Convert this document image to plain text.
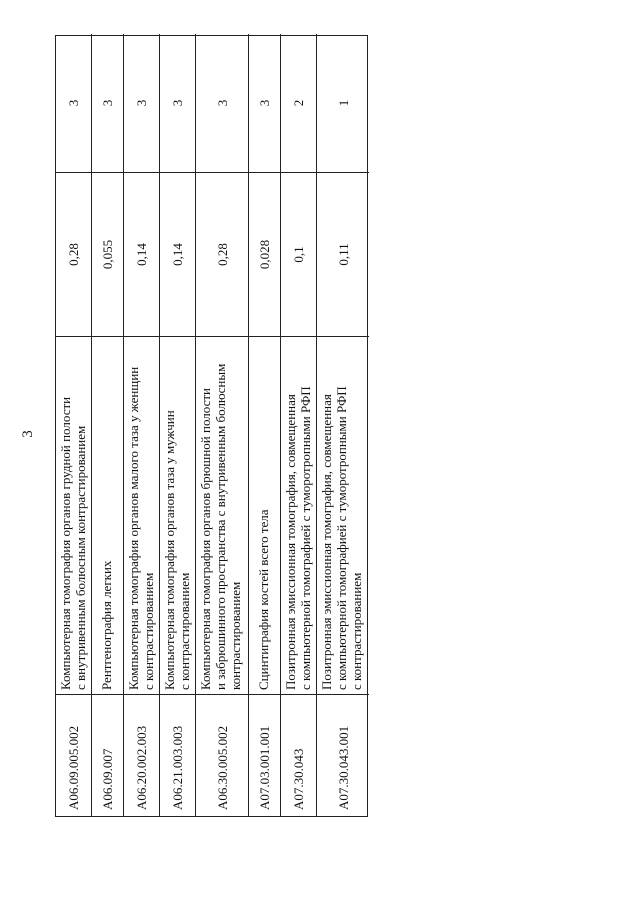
3
A06.09.005.002
Компьютерная томография органов грудной полости
с внутривенным болюсным контрастированием
0,28
3
A06.09.007
Рентгенография легких
0,055
3
A06.20.002.003
Компьютерная томография органов малого таза у женщин
с контрастированием
0,14
3
A06.21.003.003
Компьютерная томография органов таза у мужчин
с контрастированием
0,14
3
A06.30.005.002
Компьютерная томография органов брюшной полости
и забрюшинного пространства с внутривенным болюсным
контрастированием
0,28
3
A07.03.001.001
Сцинтиграфия костей всего тела
0,028
3
A07.30.043
Позитронная эмиссионная томография, совмещенная
с компьютерной томографией с туморотропными РФП
0,1
2
A07.30.043.001
Позитронная эмиссионная томография, совмещенная
с компьютерной томографией с туморотропными РФП
с контрастированием
0,11
1
